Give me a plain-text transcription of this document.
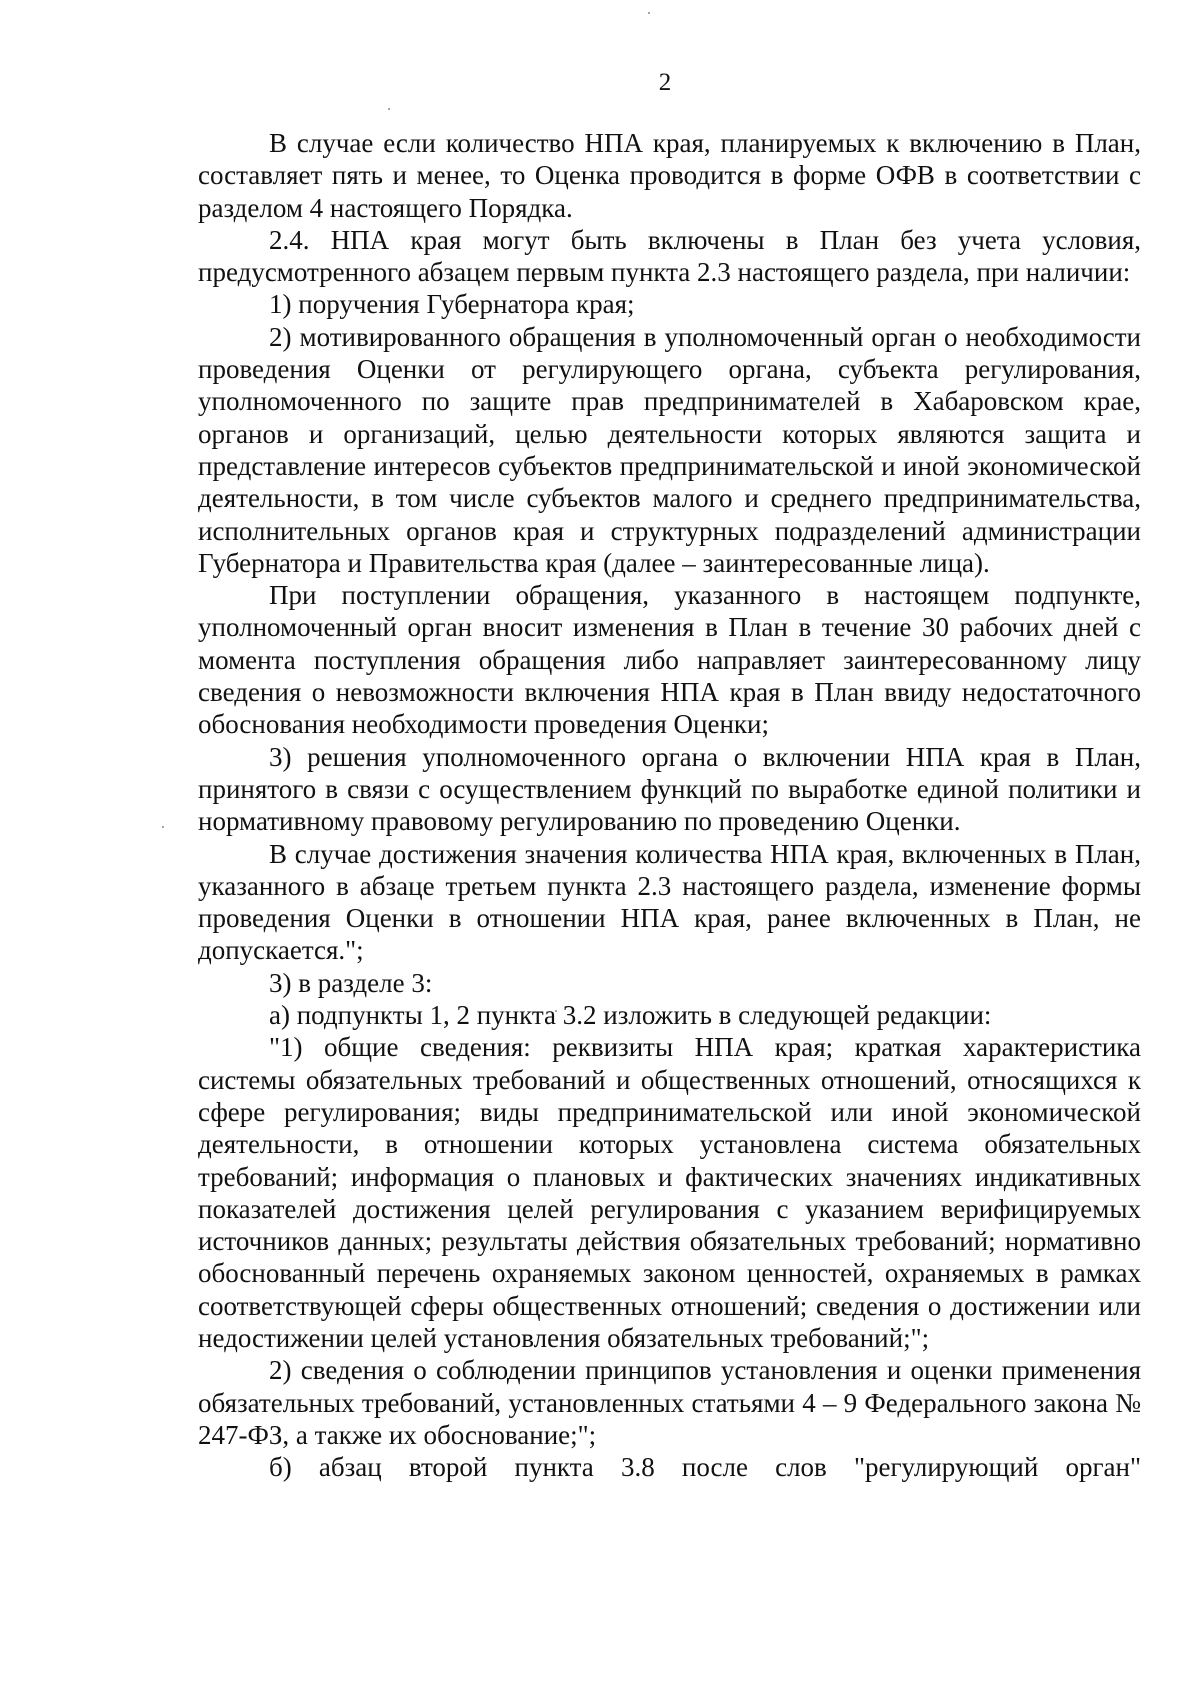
2

В случае если количество НПА края, планируемых к включению в План, составляет пять и менее, то Оценка проводится в форме ОФВ в соответствии с разделом 4 настоящего Порядка.

2.4. НПА края могут быть включены в План без учета условия, предусмотренного абзацем первым пункта 2.3 настоящего раздела, при наличии:

1) поручения Губернатора края;

2) мотивированного обращения в уполномоченный орган о необходимости проведения Оценки от регулирующего органа, субъекта регулирования, уполномоченного по защите прав предпринимателей в Хабаровском крае, органов и организаций, целью деятельности которых являются защита и представление интересов субъектов предпринимательской и иной экономической деятельности, в том числе субъектов малого и среднего предпринимательства, исполнительных органов края и структурных подразделений администрации Губернатора и Правительства края (далее – заинтересованные лица).

При поступлении обращения, указанного в настоящем подпункте, уполномоченный орган вносит изменения в План в течение 30 рабочих дней с момента поступления обращения либо направляет заинтересованному лицу сведения о невозможности включения НПА края в План ввиду недостаточного обоснования необходимости проведения Оценки;

3) решения уполномоченного органа о включении НПА края в План, принятого в связи с осуществлением функций по выработке единой политики и нормативному правовому регулированию по проведению Оценки.

В случае достижения значения количества НПА края, включенных в План, указанного в абзаце третьем пункта 2.3 настоящего раздела, изменение формы проведения Оценки в отношении НПА края, ранее включенных в План, не допускается.";

3) в разделе 3:

а) подпункты 1, 2 пункта 3.2 изложить в следующей редакции:

"1) общие сведения: реквизиты НПА края; краткая характеристика системы обязательных требований и общественных отношений, относящихся к сфере регулирования; виды предпринимательской или иной экономической деятельности, в отношении которых установлена система обязательных требований; информация о плановых и фактических значениях индикативных показателей достижения целей регулирования с указанием верифицируемых источников данных; результаты действия обязательных требований; нормативно обоснованный перечень охраняемых законом ценностей, охраняемых в рамках соответствующей сферы общественных отношений; сведения о достижении или недостижении целей установления обязательных требований;";

2) сведения о соблюдении принципов установления и оценки применения обязательных требований, установленных статьями 4 – 9 Федерального закона № 247-ФЗ, а также их обоснование;";

б) абзац второй пункта 3.8 после слов "регулирующий орган"
